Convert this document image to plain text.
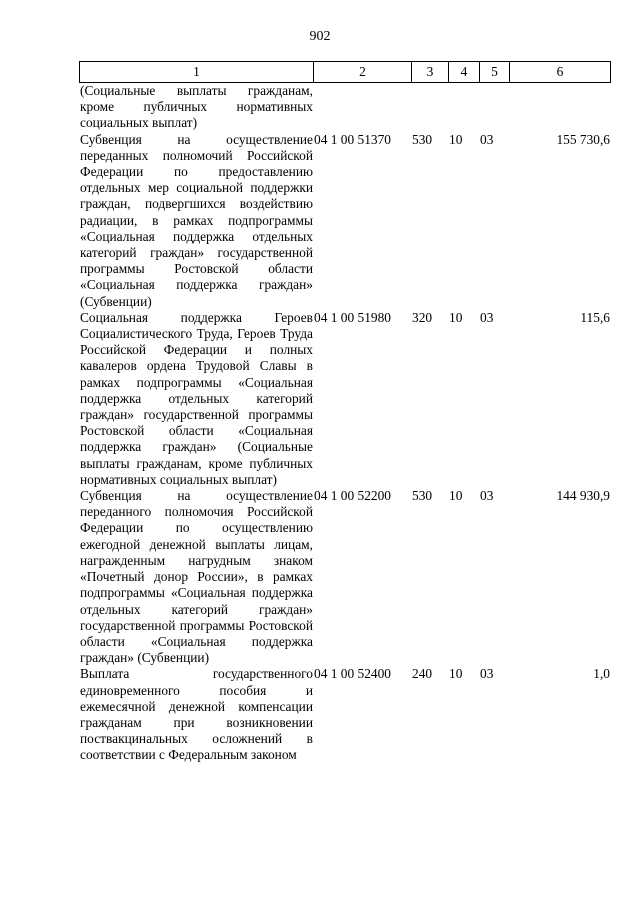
902
1	2	3	4	5	6
(Социальные выплаты гражданам, кроме публичных нормативных социальных выплат)					
Субвенция на осуществление переданных полномочий Российской Федерации по предоставлению отдельных мер социальной поддержки граждан, подвергшихся воздействию радиации, в рамках подпрограммы «Социальная поддержка отдельных категорий граждан» государственной программы Ростовской области «Социальная поддержка граждан» (Субвенции)	04 1 00 51370	530	10	03	155 730,6
Социальная поддержка Героев Социалистического Труда, Героев Труда Российской Федерации и полных кавалеров ордена Трудовой Славы в рамках подпрограммы «Социальная поддержка отдельных категорий граждан» государственной программы Ростовской области «Социальная поддержка граждан» (Социальные выплаты гражданам, кроме публичных нормативных социальных выплат)	04 1 00 51980	320	10	03	115,6
Субвенция на осуществление переданного полномочия Российской Федерации по осуществлению ежегодной денежной выплаты лицам, награжденным нагрудным знаком «Почетный донор России», в рамках подпрограммы «Социальная поддержка отдельных категорий граждан» государственной программы Ростовской области «Социальная поддержка граждан» (Субвенции)	04 1 00 52200	530	10	03	144 930,9
Выплата государственного единовременного пособия и ежемесячной денежной компенсации гражданам при возникновении поствакцинальных осложнений в соответствии с Федеральным законом	04 1 00 52400	240	10	03	1,0
